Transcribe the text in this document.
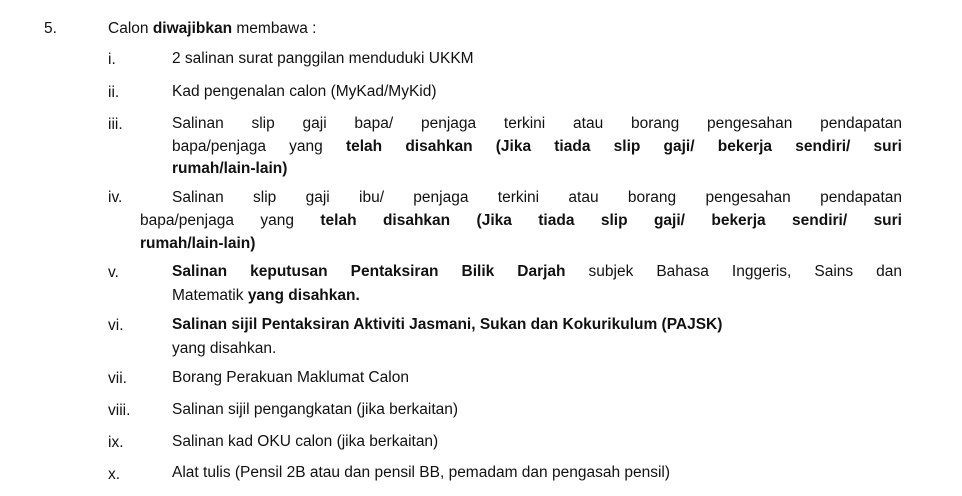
5.	Calon diwajibkan membawa :
i.	2 salinan surat panggilan menduduki UKKM
ii.	Kad pengenalan calon (MyKad/MyKid)
iii.	Salinan slip gaji bapa/ penjaga terkini atau borang pengesahan pendapatan
bapa/penjaga yang telah disahkan (Jika tiada slip gaji/ bekerja sendiri/ suri
rumah/lain-lain)
iv.	Salinan slip gaji ibu/ penjaga terkini atau borang pengesahan pendapatan
bapa/penjaga yang telah disahkan (Jika tiada slip gaji/ bekerja sendiri/ suri
rumah/lain-lain)
v.	Salinan keputusan Pentaksiran Bilik Darjah subjek Bahasa Inggeris, Sains dan
Matematik yang disahkan.
vi.	Salinan sijil Pentaksiran Aktiviti Jasmani, Sukan dan Kokurikulum (PAJSK)
yang disahkan.
vii.	Borang Perakuan Maklumat Calon
viii.	Salinan sijil pengangkatan (jika berkaitan)
ix.	Salinan kad OKU calon (jika berkaitan)
x.	Alat tulis (Pensil 2B atau dan pensil BB, pemadam dan pengasah pensil)
